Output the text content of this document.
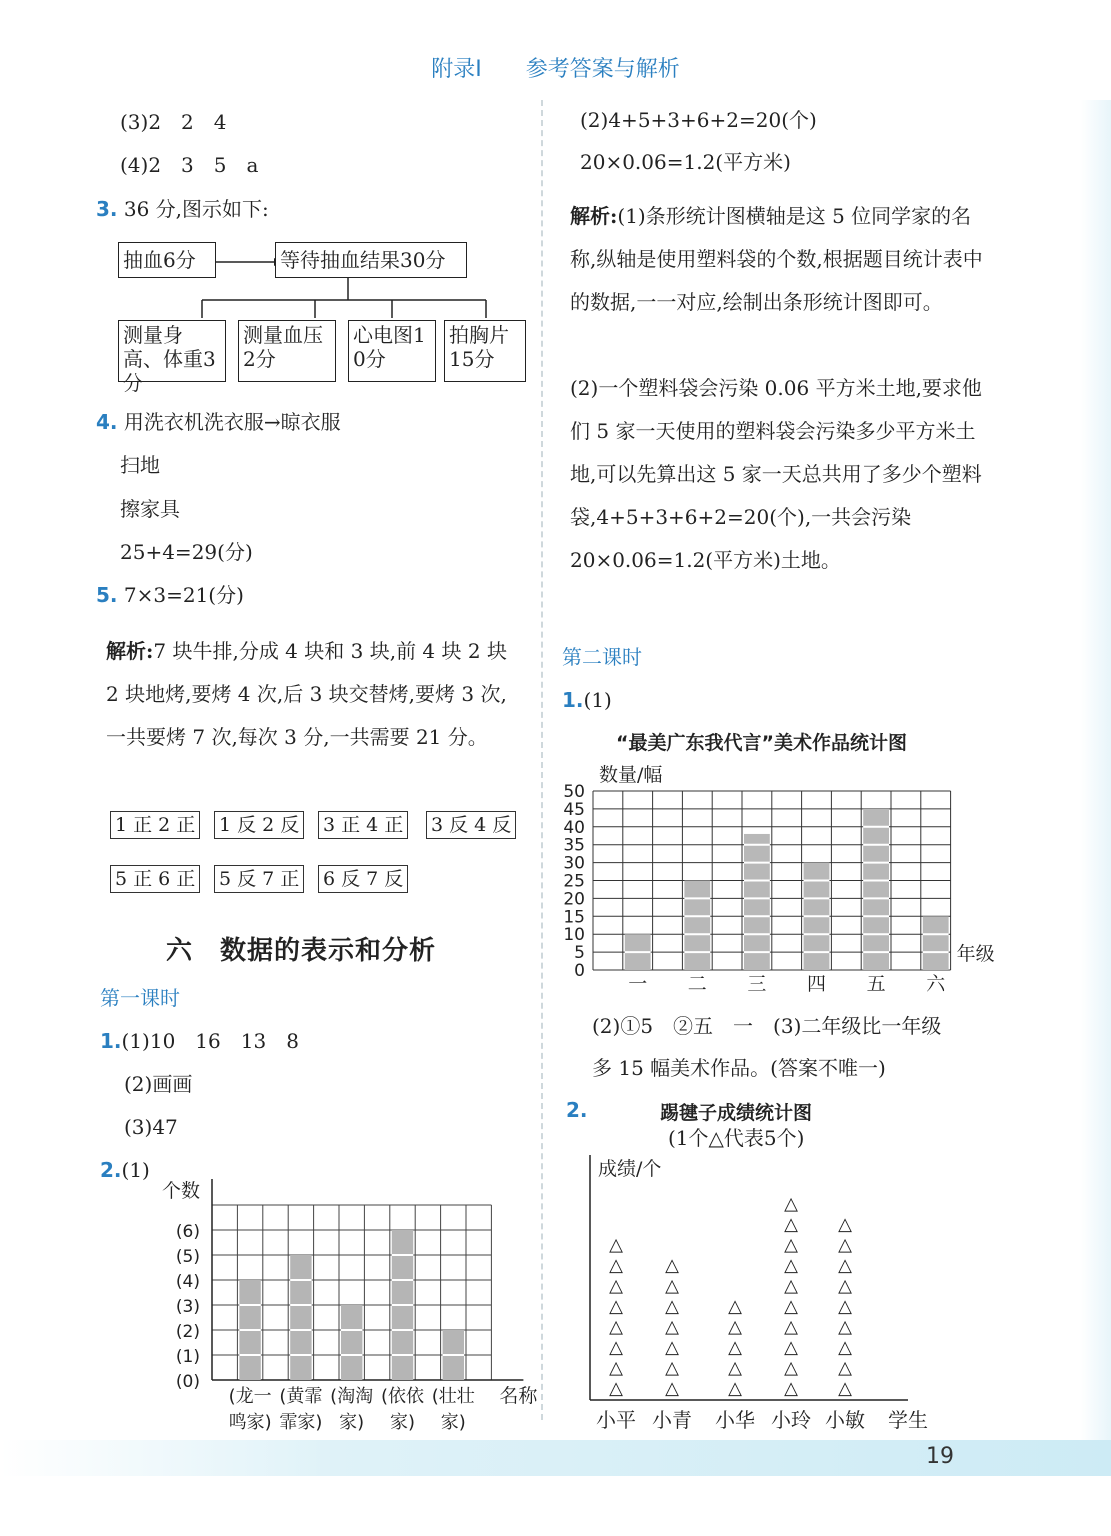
附录Ⅰ 参考答案与解析
(3)2　2　4
(4)2　3　5　a
3. 36 分,图示如下:
抽血6分	等待抽血结果30分
测量身高、体重3分
测量血压2分
心电图10分
拍胸片15分
4. 用洗衣机洗衣服→晾衣服
扫地
擦家具
25+4=29(分)
5. 7×3=21(分)
解析:7 块牛排,分成 4 块和 3 块,前 4 块 2 块 2 块地烤,要烤 4 次,后 3 块交替烤,要烤 3 次,一共要烤 7 次,每次 3 分,一共需要 21 分。
1 正 2 正 1 反 2 反 3 正 4 正 3 反 4 反
5 正 6 正 5 反 7 正 6 反 7 反
六　数据的表示和分析
第一课时
1.(1)10　16　13　8
(2)画画
(3)47
2.(1)
个数
(0)
(1)
(2)
(3)
(4)
(5)
(6)
(龙一
鸣家)
(黄霏
霏家)
(淘淘
家)
(依依
家)
(壮壮
家)
名称
(2)4+5+3+6+2=20(个)
20×0.06=1.2(平方米)
解析:(1)条形统计图横轴是这 5 位同学家的名称,纵轴是使用塑料袋的个数,根据题目统计表中的数据,一一对应,绘制出条形统计图即可。
(2)一个塑料袋会污染 0.06 平方米土地,要求他们 5 家一天使用的塑料袋会污染多少平方米土地,可以先算出这 5 家一天总共用了多少个塑料袋,4+5+3+6+2=20(个),一共会污染 20×0.06=1.2(平方米)土地。
第二课时
1.(1)
“最美广东我代言”美术作品统计图
数量/幅
0
5
10
15
20
25
30
35
40
45
50
一 二 三 四 五 六
年级
(2)①5　②五　一　(3)二年级比一年级
多 15 幅美术作品。(答案不唯一)
2.	踢毽子成绩统计图
(1个△代表5个)
成绩/个
△
△
△
△
△
△
△
△
小平
△
△
△
△
△
△
△
小青
△
△
△
△
△
小华
△
△
△
△
△
△
△
△
△
△
小玲
△
△
△
△
△
△
△
△
△
小敏 学生
19
